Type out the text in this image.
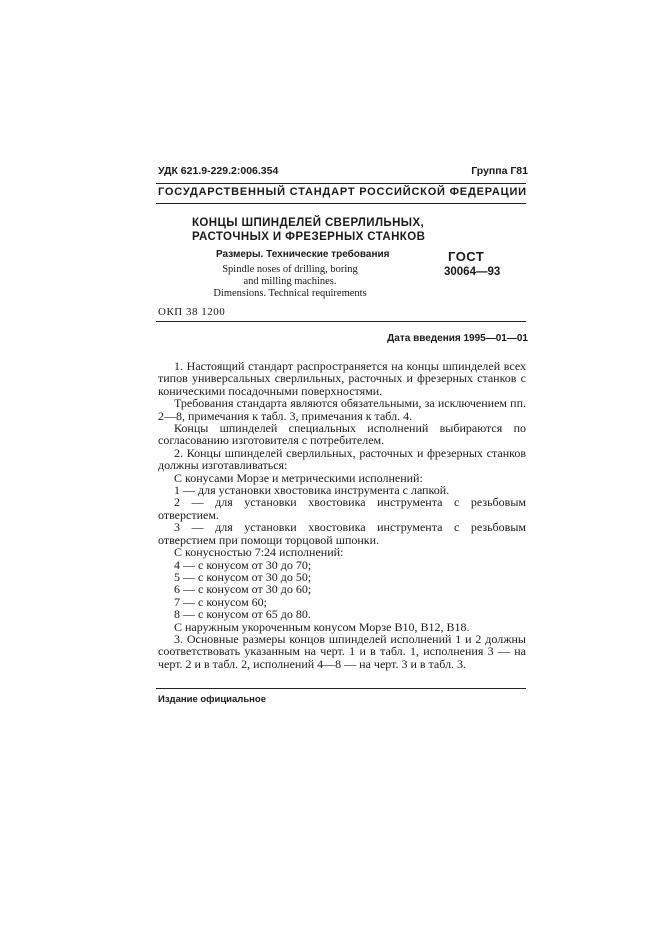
УДК 621.9-229.2:006.354	Группа Г81
ГОСУДАРСТВЕННЫЙ СТАНДАРТ РОССИЙСКОЙ ФЕДЕРАЦИИ
КОНЦЫ ШПИНДЕЛЕЙ СВЕРЛИЛЬНЫХ,
РАСТОЧНЫХ И ФРЕЗЕРНЫХ СТАНКОВ
Размеры. Технические требования
Spindle noses of drilling, boring
and milling machines.
Dimensions. Technical requirements
ГОСТ
30064—93
ОКП 38 1200
Дата введения 1995—01—01

1. Настоящий стандарт распространяется на концы шпинделей всех типов универсальных сверлильных, расточных и фрезерных станков с коническими посадочными поверхностями.

Требования стандарта являются обязательными, за исключением пп. 2—8, примечания к табл. 3, примечания к табл. 4.

Концы шпинделей специальных исполнений выбираются по согласованию изготовителя с потребителем.

2. Концы шпинделей сверлильных, расточных и фрезерных станков должны изготавливаться:

С конусами Морзе и метрическими исполнений:

1 — для установки хвостовика инструмента с лапкой.

2 — для установки хвостовика инструмента с резьбовым отверстием.

3 — для установки хвостовика инструмента с резьбовым отверстием при помощи торцовой шпонки.

С конусностью 7:24 исполнений:

4 — с конусом от 30 до 70;

5 — с конусом от 30 до 50;

6 — с конусом от 30 до 60;

7 — с конусом 60;

8 — с конусом от 65 до 80.

С наружным укороченным конусом Морзе В10, В12, В18.

3. Основные размеры концов шпинделей исполнений 1 и 2 должны соответствовать указанным на черт. 1 и в табл. 1, исполнения 3 — на черт. 2 и в табл. 2, исполнений 4—8 — на черт. 3 и в табл. 3.

Издание официальное
